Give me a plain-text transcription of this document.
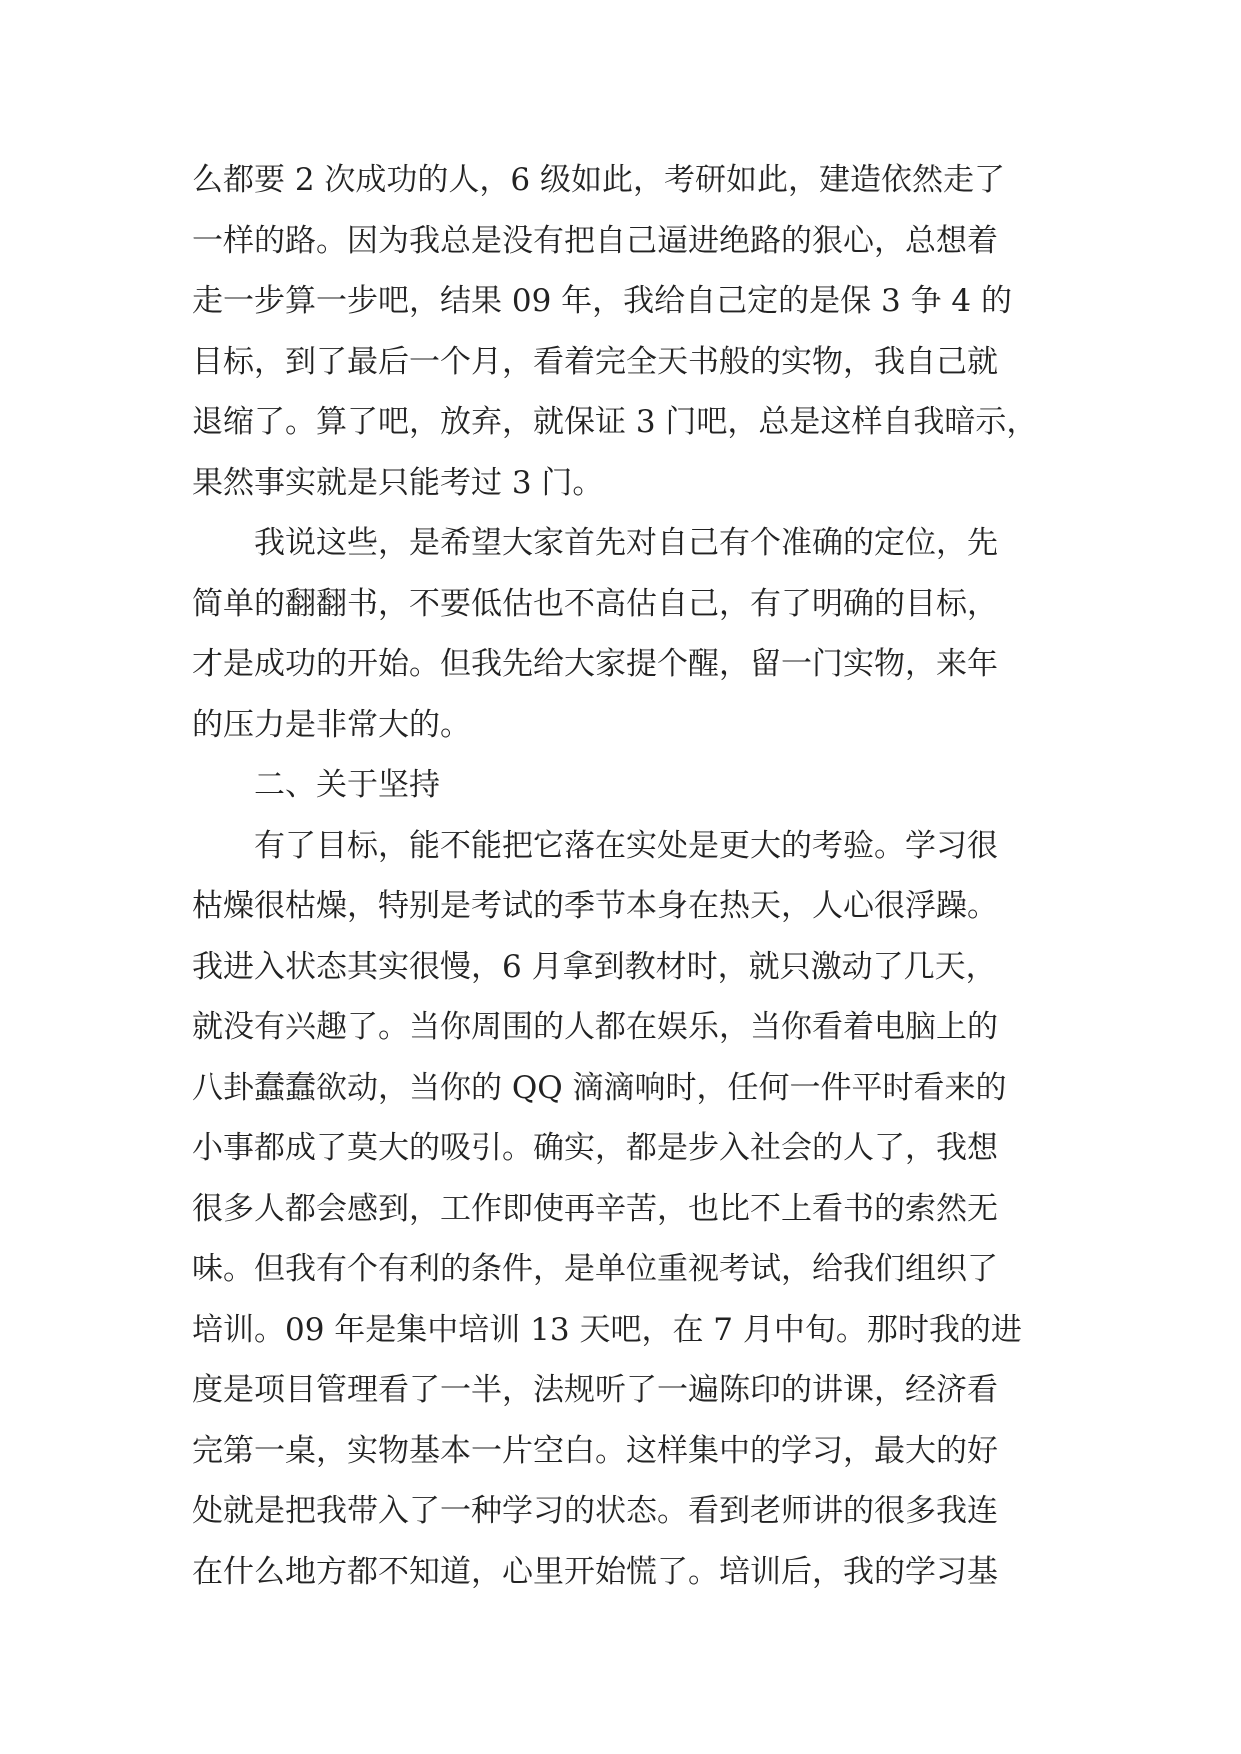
么都要 2 次成功的人，6 级如此，考研如此，建造依然走了
一样的路。因为我总是没有把自己逼进绝路的狠心，总想着
走一步算一步吧，结果 09 年，我给自己定的是保 3 争 4 的
目标，到了最后一个月，看着完全天书般的实物，我自己就
退缩了。算了吧，放弃，就保证 3 门吧，总是这样自我暗示，
果然事实就是只能考过 3 门。
我说这些，是希望大家首先对自己有个准确的定位，先
简单的翻翻书，不要低估也不高估自己，有了明确的目标，
才是成功的开始。但我先给大家提个醒，留一门实物，来年
的压力是非常大的。
二、关于坚持
有了目标，能不能把它落在实处是更大的考验。学习很
枯燥很枯燥，特别是考试的季节本身在热天，人心很浮躁。
我进入状态其实很慢，6 月拿到教材时，就只激动了几天，
就没有兴趣了。当你周围的人都在娱乐，当你看着电脑上的
八卦蠢蠢欲动，当你的 QQ 滴滴响时，任何一件平时看来的
小事都成了莫大的吸引。确实，都是步入社会的人了，我想
很多人都会感到，工作即使再辛苦，也比不上看书的索然无
味。但我有个有利的条件，是单位重视考试，给我们组织了
培训。09 年是集中培训 13 天吧，在 7 月中旬。那时我的进
度是项目管理看了一半，法规听了一遍陈印的讲课，经济看
完第一桌，实物基本一片空白。这样集中的学习，最大的好
处就是把我带入了一种学习的状态。看到老师讲的很多我连
在什么地方都不知道，心里开始慌了。培训后，我的学习基
